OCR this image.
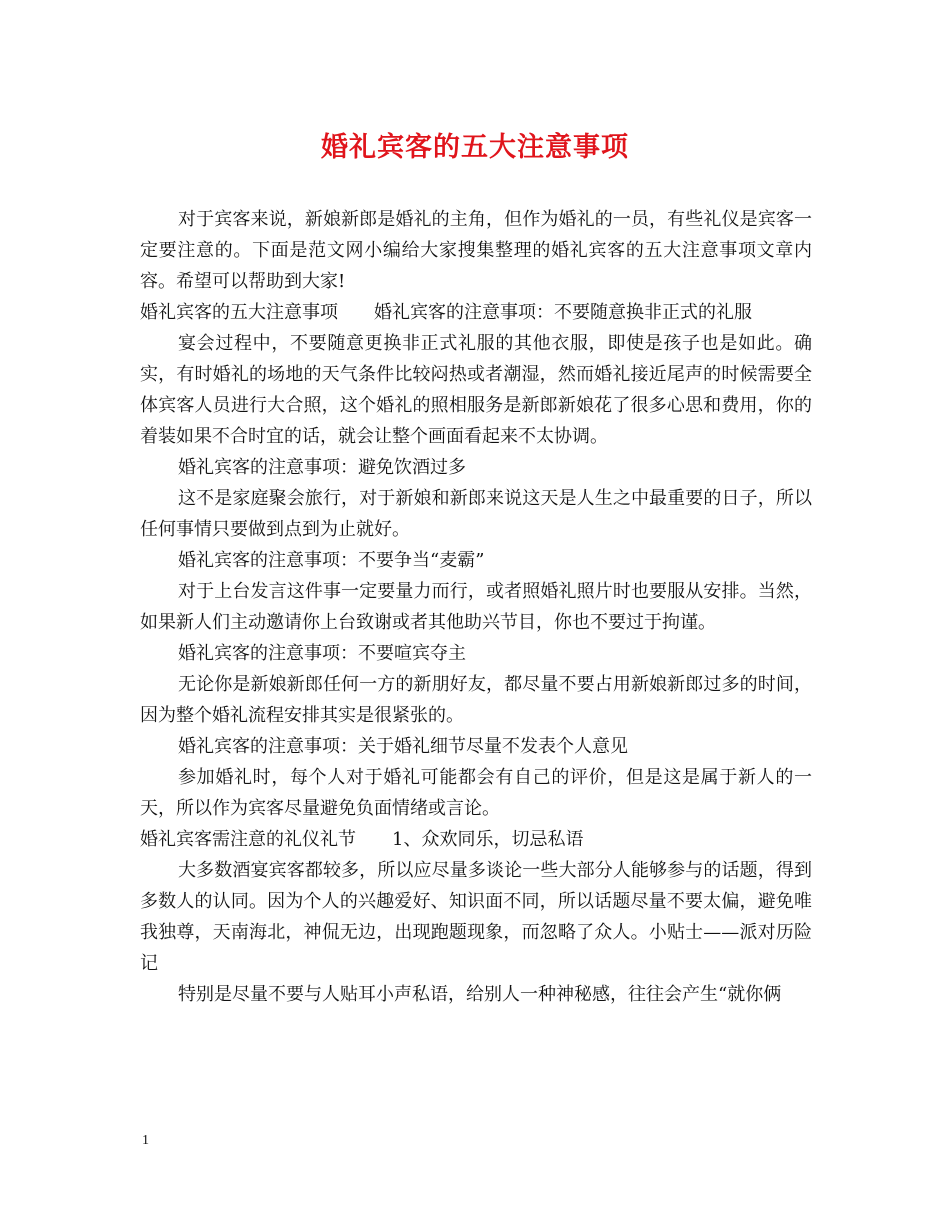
婚礼宾客的五大注意事项

对于宾客来说，新娘新郎是婚礼的主角，但作为婚礼的一员，有些礼仪是宾客一定要注意的。下面是范文网小编给大家搜集整理的婚礼宾客的五大注意事项文章内容。希望可以帮助到大家!

婚礼宾客的五大注意事项 婚礼宾客的注意事项：不要随意换非正式的礼服

宴会过程中，不要随意更换非正式礼服的其他衣服，即使是孩子也是如此。确实，有时婚礼的场地的天气条件比较闷热或者潮湿，然而婚礼接近尾声的时候需要全体宾客人员进行大合照，这个婚礼的照相服务是新郎新娘花了很多心思和费用，你的着装如果不合时宜的话，就会让整个画面看起来不太协调。

婚礼宾客的注意事项：避免饮酒过多

这不是家庭聚会旅行，对于新娘和新郎来说这天是人生之中最重要的日子，所以任何事情只要做到点到为止就好。

婚礼宾客的注意事项：不要争当“麦霸”

对于上台发言这件事一定要量力而行，或者照婚礼照片时也要服从安排。当然，如果新人们主动邀请你上台致谢或者其他助兴节目，你也不要过于拘谨。

婚礼宾客的注意事项：不要喧宾夺主

无论你是新娘新郎任何一方的新朋好友，都尽量不要占用新娘新郎过多的时间，因为整个婚礼流程安排其实是很紧张的。

婚礼宾客的注意事项：关于婚礼细节尽量不发表个人意见

参加婚礼时，每个人对于婚礼可能都会有自己的评价，但是这是属于新人的一天，所以作为宾客尽量避免负面情绪或言论。

婚礼宾客需注意的礼仪礼节 1、众欢同乐，切忌私语

大多数酒宴宾客都较多，所以应尽量多谈论一些大部分人能够参与的话题，得到多数人的认同。因为个人的兴趣爱好、知识面不同，所以话题尽量不要太偏，避免唯我独尊，天南海北，神侃无边，出现跑题现象，而忽略了众人。小贴士——派对历险记

特别是尽量不要与人贴耳小声私语，给别人一种神秘感，往往会产生“就你俩

1
